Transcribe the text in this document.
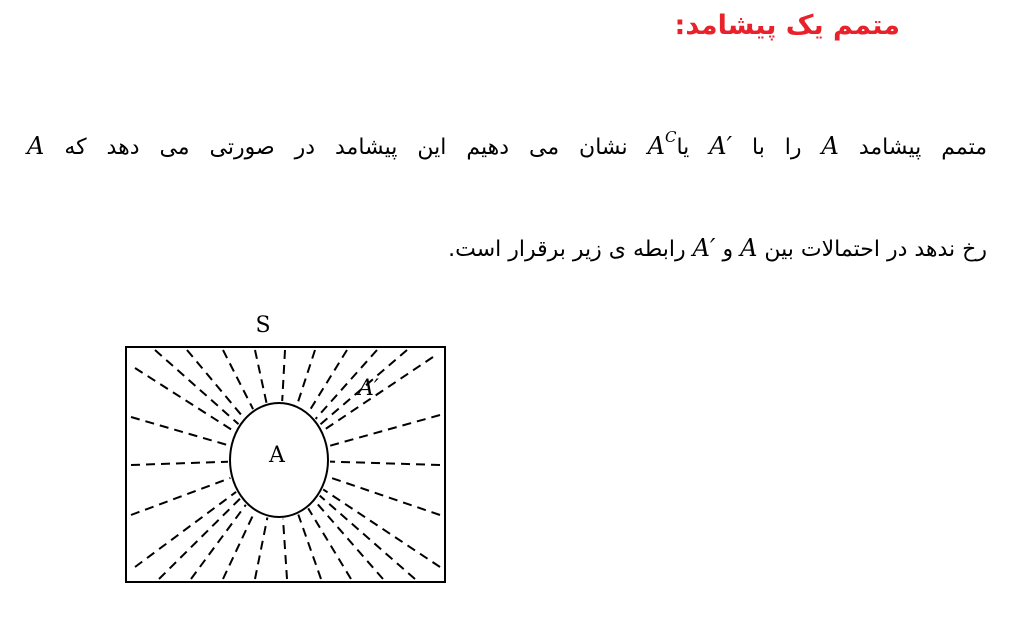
متمم یک پیشامد:
متمم پیشامد A را با A′ یاA$^C$ نشان می دهیم این پیشامد در صورتی می دهد که A
رخ ندهد در احتمالات بین A و A′ رابطه ی زیر برقرار است.
S
A
A′
